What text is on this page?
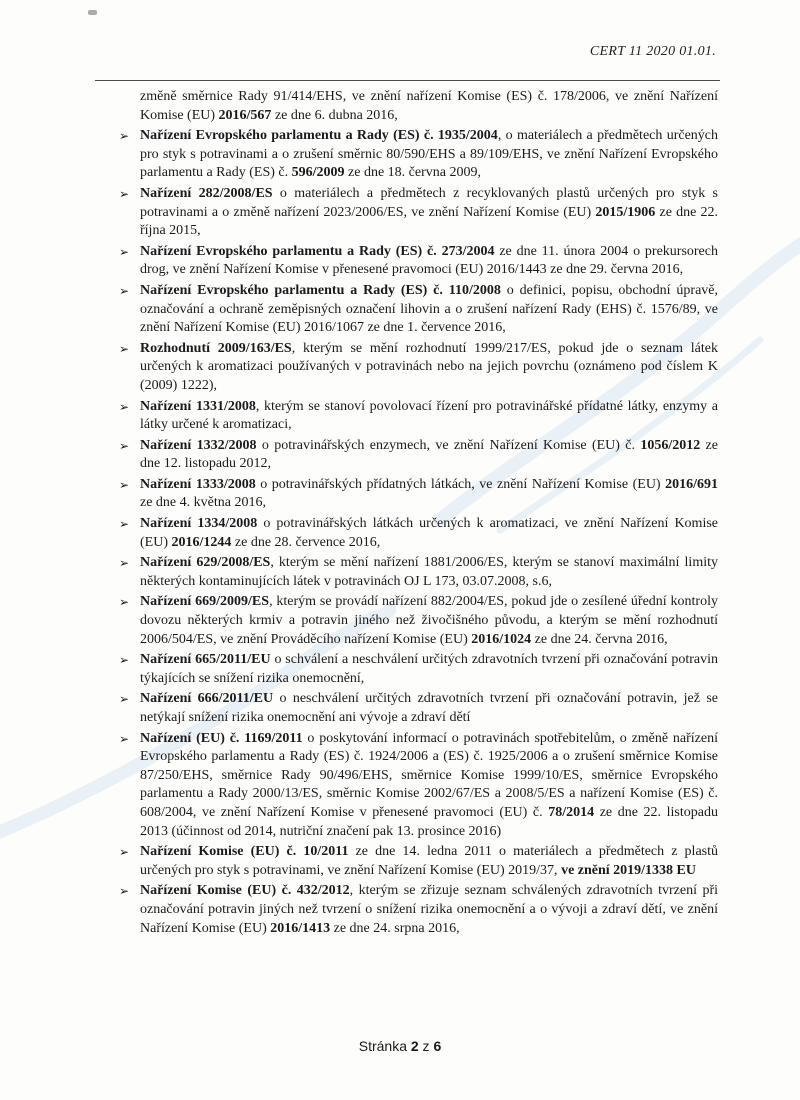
CERT 11 2020 01.01.

změně směrnice Rady 91/414/EHS, ve znění nařízení Komise (ES) č. 178/2006, ve znění Nařízení Komise (EU) 2016/567 ze dne 6. dubna 2016,

➢ Nařízení Evropského parlamentu a Rady (ES) č. 1935/2004, o materiálech a předmětech určených pro styk s potravinami a o zrušení směrnic 80/590/EHS a 89/109/EHS, ve znění Nařízení Evropského parlamentu a Rady (ES) č. 596/2009 ze dne 18. června 2009,
➢ Nařízení 282/2008/ES o materiálech a předmětech z recyklovaných plastů určených pro styk s potravinami a o změně nařízení 2023/2006/ES, ve znění Nařízení Komise (EU) 2015/1906 ze dne 22. října 2015,
➢ Nařízení Evropského parlamentu a Rady (ES) č. 273/2004 ze dne 11. února 2004 o prekursorech drog, ve znění Nařízení Komise v přenesené pravomoci (EU) 2016/1443 ze dne 29. června 2016,
➢ Nařízení Evropského parlamentu a Rady (ES) č. 110/2008 o definici, popisu, obchodní úpravě, označování a ochraně zeměpisných označení lihovin a o zrušení nařízení Rady (EHS) č. 1576/89, ve znění Nařízení Komise (EU) 2016/1067 ze dne 1. července 2016,
➢ Rozhodnutí 2009/163/ES, kterým se mění rozhodnutí 1999/217/ES, pokud jde o seznam látek určených k aromatizaci používaných v potravinách nebo na jejich povrchu (oznámeno pod číslem K (2009) 1222),
➢ Nařízení 1331/2008, kterým se stanoví povolovací řízení pro potravinářské přídatné látky, enzymy a látky určené k aromatizaci,
➢ Nařízení 1332/2008 o potravinářských enzymech, ve znění Nařízení Komise (EU) č. 1056/2012 ze dne 12. listopadu 2012,
➢ Nařízení 1333/2008 o potravinářských přídatných látkách, ve znění Nařízení Komise (EU) 2016/691 ze dne 4. května 2016,
➢ Nařízení 1334/2008 o potravinářských látkách určených k aromatizaci, ve znění Nařízení Komise (EU) 2016/1244 ze dne 28. července 2016,
➢ Nařízení 629/2008/ES, kterým se mění nařízení 1881/2006/ES, kterým se stanoví maximální limity některých kontaminujících látek v potravinách OJ L 173, 03.07.2008, s.6,
➢ Nařízení 669/2009/ES, kterým se provádí nařízení 882/2004/ES, pokud jde o zesílené úřední kontroly dovozu některých krmiv a potravin jiného než živočišného původu, a kterým se mění rozhodnutí 2006/504/ES, ve znění Prováděcího nařízení Komise (EU) 2016/1024 ze dne 24. června 2016,
➢ Nařízení 665/2011/EU o schválení a neschválení určitých zdravotních tvrzení při označování potravin týkajících se snížení rizika onemocnění,
➢ Nařízení 666/2011/EU o neschválení určitých zdravotních tvrzení při označování potravin, jež se netýkají snížení rizika onemocnění ani vývoje a zdraví dětí
➢ Nařízení (EU) č. 1169/2011 o poskytování informací o potravinách spotřebitelům, o změně nařízení Evropského parlamentu a Rady (ES) č. 1924/2006 a (ES) č. 1925/2006 a o zrušení směrnice Komise 87/250/EHS, směrnice Rady 90/496/EHS, směrnice Komise 1999/10/ES, směrnice Evropského parlamentu a Rady 2000/13/ES, směrnic Komise 2002/67/ES a 2008/5/ES a nařízení Komise (ES) č. 608/2004, ve znění Nařízení Komise v přenesené pravomoci (EU) č. 78/2014 ze dne 22. listopadu 2013 (účinnost od 2014, nutriční značení pak 13. prosince 2016)
➢ Nařízení Komise (EU) č. 10/2011 ze dne 14. ledna 2011 o materiálech a předmětech z plastů určených pro styk s potravinami, ve znění Nařízení Komise (EU) 2019/37, ve znění 2019/1338 EU
➢ Nařízení Komise (EU) č. 432/2012, kterým se zřizuje seznam schválených zdravotních tvrzení při označování potravin jiných než tvrzení o snížení rizika onemocnění a o vývoji a zdraví dětí, ve znění Nařízení Komise (EU) 2016/1413 ze dne 24. srpna 2016,
Stránka 2 z 6
